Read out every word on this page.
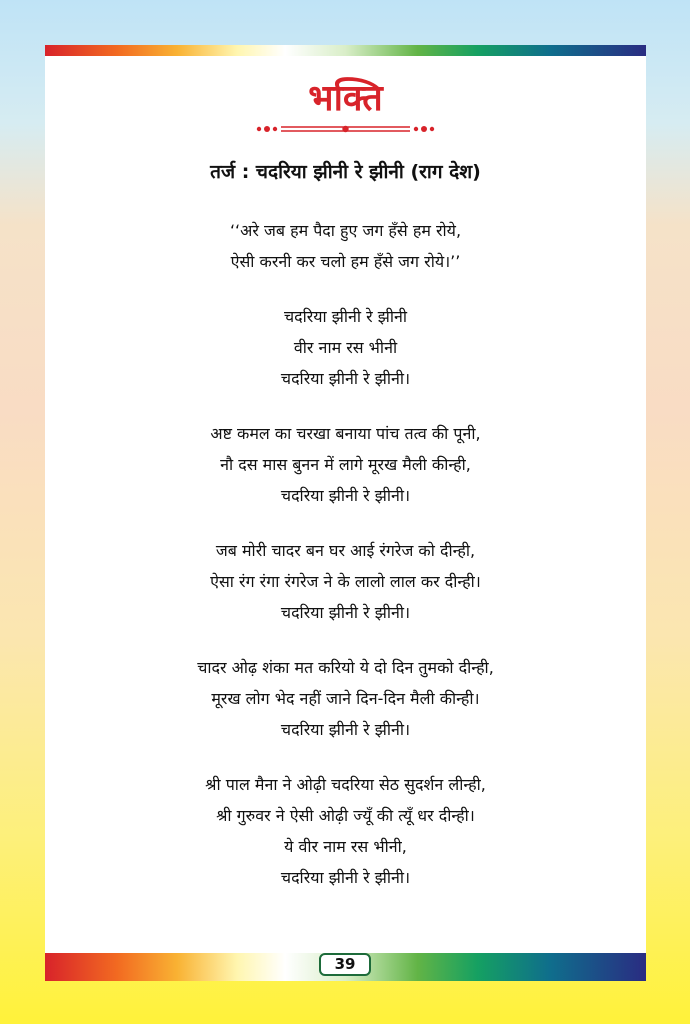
भक्ति
तर्ज : चदरिया झीनी रे झीनी (राग देश)
‘‘अरे जब हम पैदा हुए जग हँसे हम रोये,
ऐसी करनी कर चलो हम हँसे जग रोये।’’
चदरिया झीनी रे झीनी
वीर नाम रस भीनी
चदरिया झीनी रे झीनी।
अष्ट कमल का चरखा बनाया पांच तत्व की पूनी,
नौ दस मास बुनन में लागे मूरख मैली कीन्ही,
चदरिया झीनी रे झीनी।
जब मोरी चादर बन घर आई रंगरेज को दीन्ही,
ऐसा रंग रंगा रंगरेज ने के लालो लाल कर दीन्ही।
चदरिया झीनी रे झीनी।
चादर ओढ़ शंका मत करियो ये दो दिन तुमको दीन्ही,
मूरख लोग भेद नहीं जाने दिन-दिन मैली कीन्ही।
चदरिया झीनी रे झीनी।
श्री पाल मैना ने ओढ़ी चदरिया सेठ सुदर्शन लीन्ही,
श्री गुरुवर ने ऐसी ओढ़ी ज्यूँ की त्यूँ धर दीन्ही।
ये वीर नाम रस भीनी,
चदरिया झीनी रे झीनी।
39
